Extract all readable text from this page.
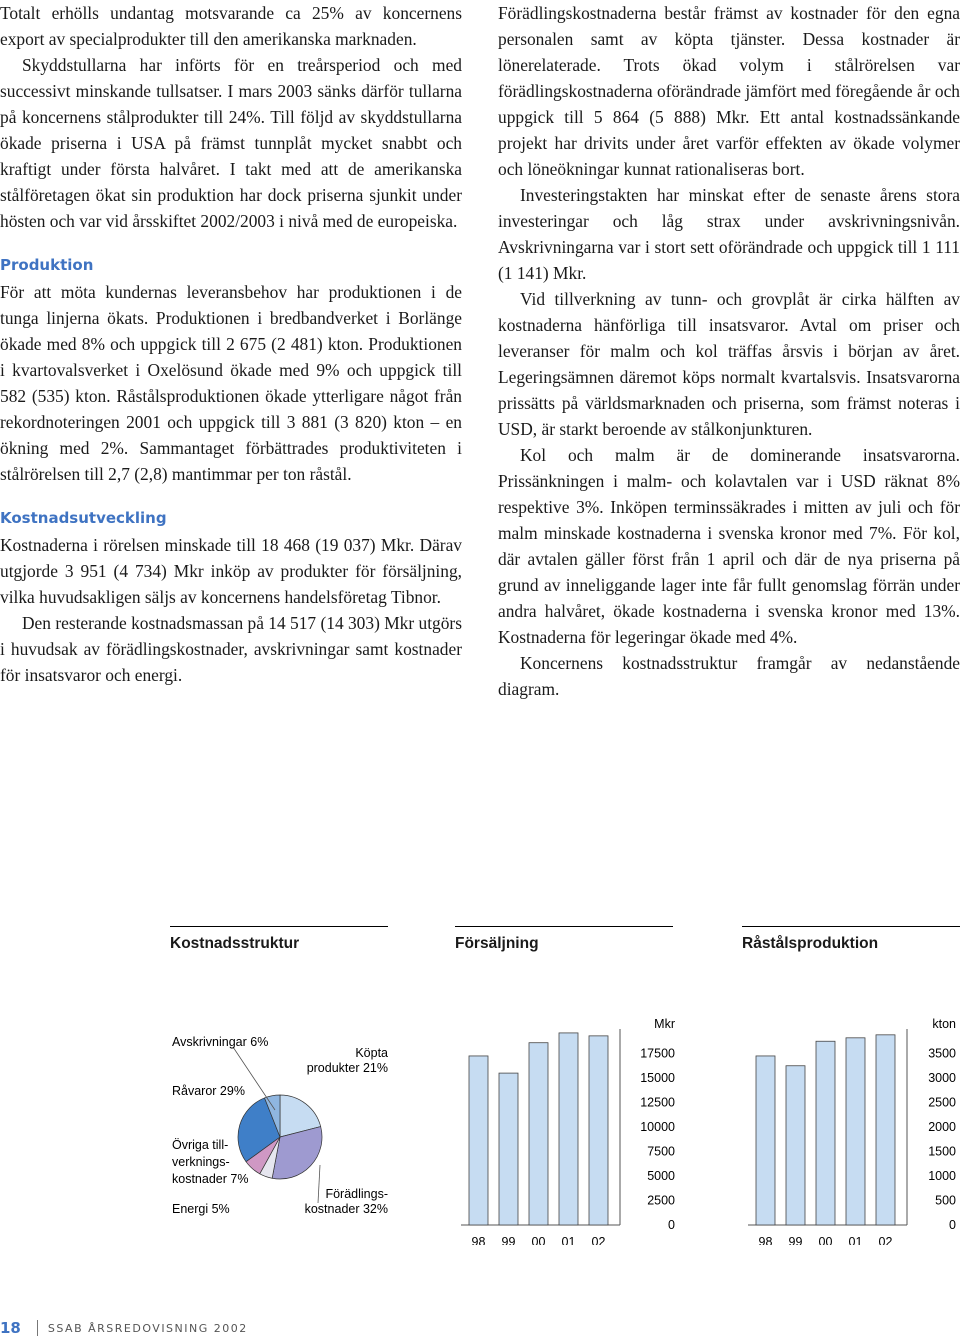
Totalt erhölls undantag motsvarande ca 25% av koncernens export av specialprodukter till den amerikanska marknaden.

Skyddstullarna har införts för en treårsperiod och med successivt minskande tullsatser. I mars 2003 sänks därför tullarna på koncernens stålprodukter till 24%. Till följd av skyddstullarna ökade priserna i USA på främst tunnplåt mycket snabbt och kraftigt under första halvåret. I takt med att de amerikanska stålföretagen ökat sin produktion har dock priserna sjunkit under hösten och var vid årsskiftet 2002/2003 i nivå med de europeiska.

Produktion

För att möta kundernas leveransbehov har produktionen i de tunga linjerna ökats. Produktionen i bredbandverket i Borlänge ökade med 8% och uppgick till 2 675 (2 481) kton. Produktionen i kvartovalsverket i Oxelösund ökade med 9% och uppgick till 582 (535) kton. Råstålsproduktionen ökade ytterligare något från rekordnoteringen 2001 och uppgick till 3 881 (3 820) kton – en ökning med 2%. Sammantaget förbättrades produktiviteten i stålrörelsen till 2,7 (2,8) mantimmar per ton råstål.

Kostnadsutveckling

Kostnaderna i rörelsen minskade till 18 468 (19 037) Mkr. Därav utgjorde 3 951 (4 734) Mkr inköp av produkter för försäljning, vilka huvudsakligen säljs av koncernens handelsföretag Tibnor.

Den resterande kostnadsmassan på 14 517 (14 303) Mkr utgörs i huvudsak av förädlingskostnader, avskrivningar samt kostnader för insatsvaror och energi.

Förädlingskostnaderna består främst av kostnader för den egna personalen samt av köpta tjänster. Dessa kostnader är lönerelaterade. Trots ökad volym i stålrörelsen var förädlingskostnaderna oförändrade jämfört med föregående år och uppgick till 5 864 (5 888) Mkr. Ett antal kostnadssänkande projekt har drivits under året varför effekten av ökade volymer och löneökningar kunnat rationaliseras bort.

Investeringstakten har minskat efter de senaste årens stora investeringar och låg strax under avskrivningsnivån. Avskrivningarna var i stort sett oförändrade och uppgick till 1 111 (1 141) Mkr.

Vid tillverkning av tunn- och grovplåt är cirka hälften av kostnaderna hänförliga till insatsvaror. Avtal om priser och leveranser för malm och kol träffas årsvis i början av året. Legeringsämnen däremot köps normalt kvartalsvis. Insatsvarorna prissätts på världsmarknaden och priserna, som främst noteras i USD, är starkt beroende av stålkonjunkturen.

Kol och malm är de dominerande insatsvarorna. Prissänkningen i malm- och kolavtalen var i USD räknat 8% respektive 3%. Inköpen terminssäkrades i mitten av juli och för malm minskade kostnaderna i svenska kronor med 7%. För kol, där avtalen gäller först från 1 april och där de nya priserna på grund av inneliggande lager inte får fullt genomslag förrän under andra halvåret, ökade kostnaderna i svenska kronor med 13%. Kostnaderna för legeringar ökade med 4%.

Koncernens kostnadsstruktur framgår av nedanstående diagram.

Kostnadsstruktur	Försäljning	Råstålsproduktion
Avskrivningar 6%
Köpta
produkter 21%
Råvaror 29%
Övriga till-
verknings-
kostnader 7%
Förädlings-
kostnader 32%
Energi 5%
98 99 00 01 02
17500
15000
12500
10000
7500
5000
2500
0
Mkr
98 99 00 01 02
3500
3000
2500
2000
1500
1000
500
0
kton
18 SSAB ÅRSREDOVISNING 2002
